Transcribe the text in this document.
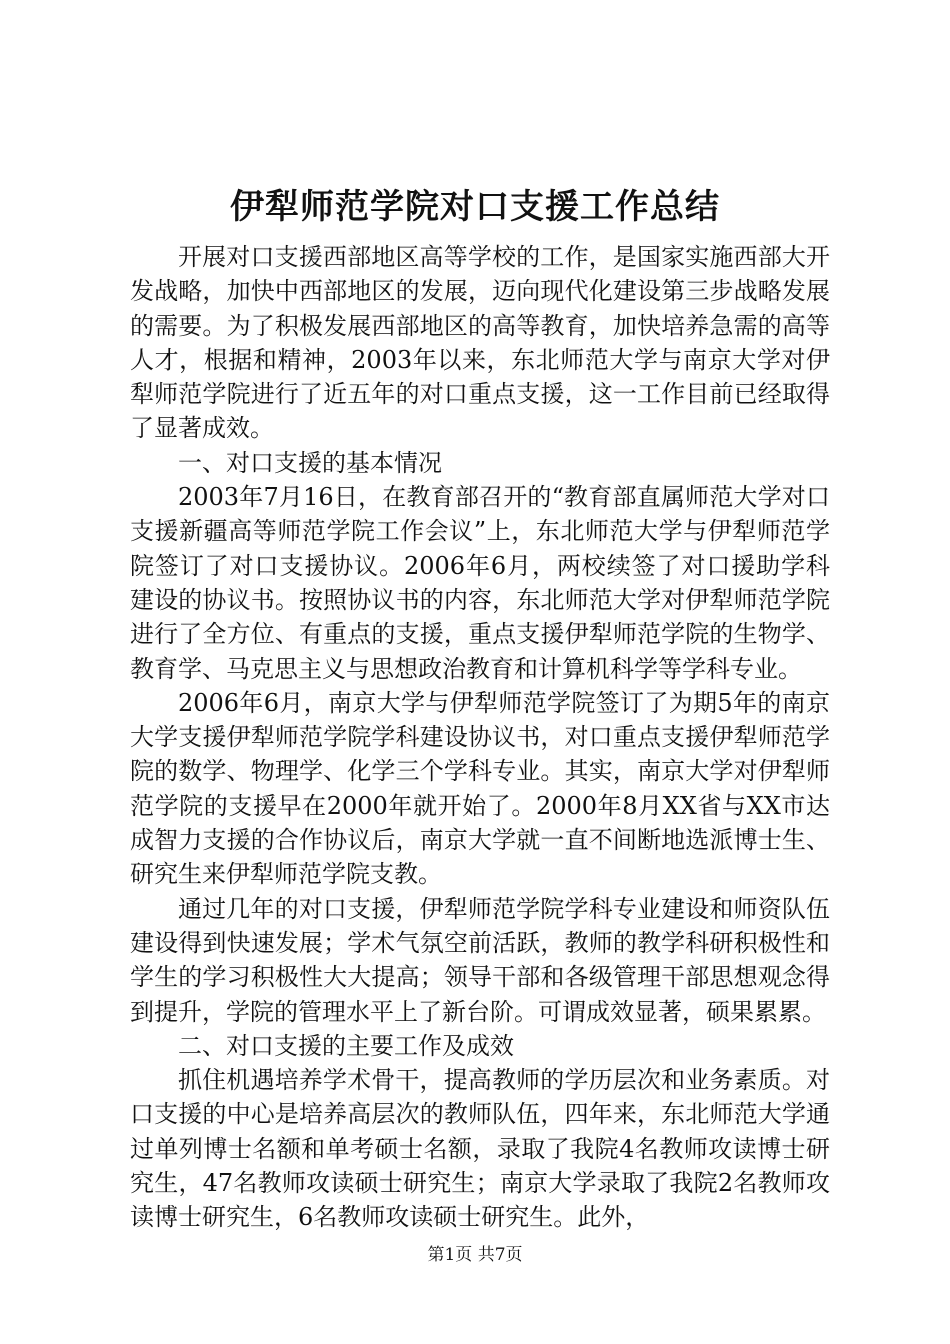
伊犁师范学院对口支援工作总结

开展对口支援西部地区高等学校的工作，是国家实施西部大开发战略，加快中西部地区的发展，迈向现代化建设第三步战略发展的需要。为了积极发展西部地区的高等教育，加快培养急需的高等人才，根据和精神，2003年以来，东北师范大学与南京大学对伊犁师范学院进行了近五年的对口重点支援，这一工作目前已经取得了显著成效。

一、对口支援的基本情况

2003年7月16日，在教育部召开的“教育部直属师范大学对口支援新疆高等师范学院工作会议”上，东北师范大学与伊犁师范学院签订了对口支援协议。2006年6月，两校续签了对口援助学科建设的协议书。按照协议书的内容，东北师范大学对伊犁师范学院进行了全方位、有重点的支援，重点支援伊犁师范学院的生物学、教育学、马克思主义与思想政治教育和计算机科学等学科专业。

2006年6月，南京大学与伊犁师范学院签订了为期5年的南京大学支援伊犁师范学院学科建设协议书，对口重点支援伊犁师范学院的数学、物理学、化学三个学科专业。其实，南京大学对伊犁师范学院的支援早在2000年就开始了。2000年8月XX省与XX市达成智力支援的合作协议后，南京大学就一直不间断地选派博士生、研究生来伊犁师范学院支教。

通过几年的对口支援，伊犁师范学院学科专业建设和师资队伍建设得到快速发展；学术气氛空前活跃，教师的教学科研积极性和学生的学习积极性大大提高；领导干部和各级管理干部思想观念得到提升，学院的管理水平上了新台阶。可谓成效显著，硕果累累。

二、对口支援的主要工作及成效

抓住机遇培养学术骨干，提高教师的学历层次和业务素质。对口支援的中心是培养高层次的教师队伍，四年来，东北师范大学通过单列博士名额和单考硕士名额，录取了我院4名教师攻读博士研究生，47名教师攻读硕士研究生；南京大学录取了我院2名教师攻读博士研究生，6名教师攻读硕士研究生。此外，

第1页 共7页
